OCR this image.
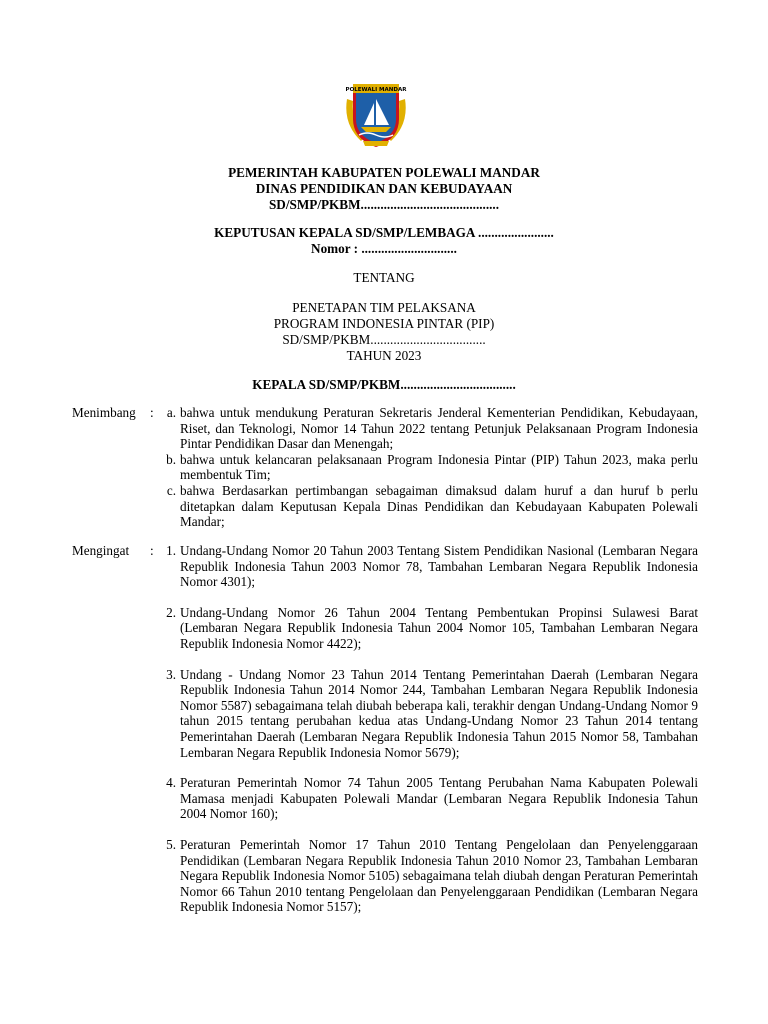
POLEWALI MANDAR
PEMERINTAH KABUPATEN POLEWALI MANDAR
DINAS PENDIDIKAN DAN KEBUDAYAAN
SD/SMP/PKBM..........................................
KEPUTUSAN KEPALA SD/SMP/LEMBAGA .......................
Nomor : .............................
TENTANG
PENETAPAN TIM PELAKSANA
PROGRAM INDONESIA PINTAR (PIP)
SD/SMP/PKBM...................................
TAHUN 2023
KEPALA SD/SMP/PKBM...................................
Menimbang	: a. bahwa untuk mendukung Peraturan Sekretaris Jenderal Kementerian Pendidikan, Kebudayaan, Riset, dan Teknologi, Nomor 14 Tahun 2022 tentang Petunjuk Pelaksanaan Program Indonesia Pintar Pendidikan Dasar dan Menengah;
b. bahwa untuk kelancaran pelaksanaan Program Indonesia Pintar (PIP) Tahun 2023, maka perlu membentuk Tim;
c. bahwa Berdasarkan pertimbangan sebagaiman dimaksud dalam huruf a dan huruf b perlu ditetapkan dalam Keputusan Kepala Dinas Pendidikan dan Kebudayaan Kabupaten Polewali Mandar;
Mengingat	: 1. Undang-Undang Nomor 20 Tahun 2003 Tentang Sistem Pendidikan Nasional (Lembaran Negara Republik Indonesia Tahun 2003 Nomor 78, Tambahan Lembaran Negara Republik Indonesia Nomor 4301);
2. Undang-Undang Nomor 26 Tahun 2004 Tentang Pembentukan Propinsi Sulawesi Barat (Lembaran Negara Republik Indonesia Tahun 2004 Nomor 105, Tambahan Lembaran Negara Republik Indonesia Nomor 4422);
3. Undang - Undang Nomor 23 Tahun 2014 Tentang Pemerintahan Daerah (Lembaran Negara Republik Indonesia Tahun 2014 Nomor 244, Tambahan Lembaran Negara Republik Indonesia Nomor 5587) sebagaimana telah diubah beberapa kali, terakhir dengan Undang-Undang Nomor 9 tahun 2015 tentang perubahan kedua atas Undang-Undang Nomor 23 Tahun 2014 tentang Pemerintahan Daerah (Lembaran Negara Republik Indonesia Tahun 2015 Nomor 58, Tambahan Lembaran Negara Republik Indonesia Nomor 5679);
4. Peraturan Pemerintah Nomor 74 Tahun 2005 Tentang Perubahan Nama Kabupaten Polewali Mamasa menjadi Kabupaten Polewali Mandar (Lembaran Negara Republik Indonesia Tahun 2004 Nomor 160);
5. Peraturan Pemerintah Nomor 17 Tahun 2010 Tentang Pengelolaan dan Penyelenggaraan Pendidikan (Lembaran Negara Republik Indonesia Tahun 2010 Nomor 23, Tambahan Lembaran Negara Republik Indonesia Nomor 5105) sebagaimana telah diubah dengan Peraturan Pemerintah Nomor 66 Tahun 2010 tentang Pengelolaan dan Penyelenggaraan Pendidikan (Lembaran Negara Republik Indonesia Nomor 5157);
